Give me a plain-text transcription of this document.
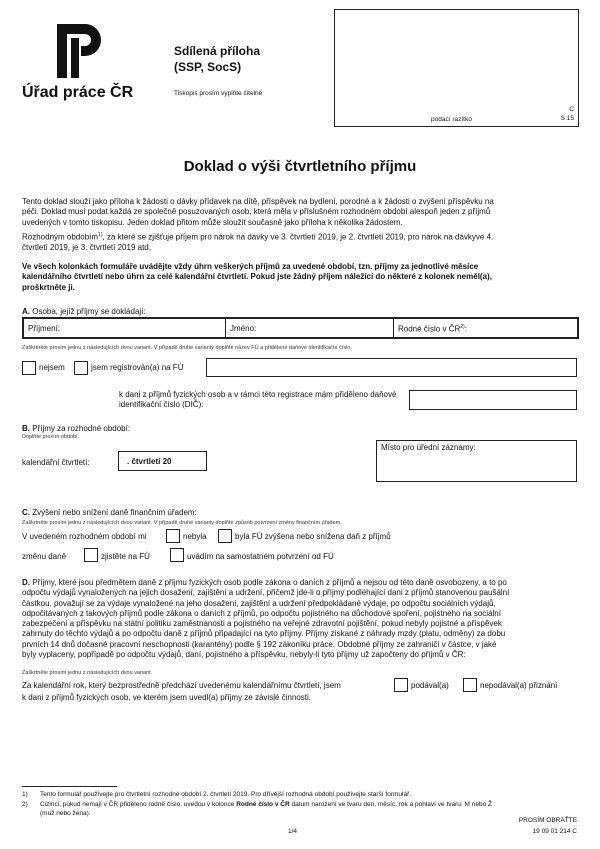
Úřad práce ČR
Sdílená příloha
(SSP, SocS)
Tiskopis prosím vyplňte čitelně
podací razítko
C
S 15
Doklad o výši čtvrtletního příjmu
Tento doklad slouží jako příloha k žádosti o dávky přídavek na dítě, příspěvek na bydlení, porodné a k žádosti o zvýšení příspěvku na
péči. Doklad musí podat každá ze společně posuzovaných osob, která měla v příslušném rozhodném období alespoň jeden z příjmů
uvedených v tomto tiskopisu. Jeden doklad přitom může sloužit současně jako příloha k několika žádostem.
Rozhodným obdobím$^{1)}$, za které se zjišťuje příjem pro nárok na dávky ve 3. čtvrtletí 2019, je 2. čtvrtletí 2019, pro nárok na dávkyve 4.
čtvrtletí 2019, je 3. čtvrtletí 2019 atd.
Ve všech kolonkách formuláře uvádějte vždy úhrn veškerých příjmů za uvedené období, tzn. příjmy za jednotlivé měsíce
kalendářního čtvrtletí nebo úhrn za celé kalendářní čtvrtletí. Pokud jste žádný příjem náležící do některé z kolonek neměl(a),
proškrtněte ji.
A. Osoba, jejíž příjmy se dokládají:
Příjmení:	Jméno:	Rodné číslo v ČR$^{2)}$:
Zaškrtněte prosím jednu z následujících dvou variant. V případě druhé varianty doplňte název FÚ a přidělené daňové identifikační číslo.
nejsem	jsem registrován(a) na FÚ
k dani z příjmů fyzických osob a v rámci této registrace mám přiděleno daňové
identifikační číslo (DIČ):
B. Příjmy za rozhodné období:
Doplňte prosím období.
kalendářní čtvrtletí:	. čtvrtletí 20
Místo pro úřední záznamy:
C. Zvýšení nebo snížení daně finančním úřadem:
Zaškrtněte prosím jednu z následujících dvou variant. V případě druhé varianty doplňte způsob potvrzení změny finančním úřadem.
V uvedeném rozhodném období mi	nebyla	byla FÚ zvýšena nebo snížena daň z příjmů
změnu daně	zjistěte na FÚ	uvádím na samostatném potvrzení od FÚ
D. Příjmy, které jsou předmětem daně z příjmu fyzických osob podle zákona o daních z příjmů a nejsou od této daně osvobozeny, a to po
odpočtu výdajů vynaložených na jejich dosažení, zajištění a udržení, přičemž jde-li o příjmy podléhající dani z příjmů stanovenou paušální
částkou, považují se za výdaje vynaložené na jeho dosažení, zajištění a udržení předpokládané výdaje, po odpočtu sociálních výdajů,
odpočitávaných z takových příjmů podle zákona o daních z příjmů, po odpočtu pojistného na důchodové spoření, pojistného na sociální
zabezpečení a příspěvku na státní politiku zaměstnanosti a pojistného na veřejné zdravotní pojištění, pokud nebyly pojistné a příspěvek
zahrnuty do těchto výdajů a po odpočtu daně z příjmů připadající na tyto příjmy. Příjmy získané z náhrady mzdy (platu, odměny) za dobu
prvních 14 dnů dočasné pracovní neschopnosti (karantény) podle § 192 zákoníku práce. Obdobné příjmy ze zahraničí v částce, v jaké
byly vyplaceny, popřípadě po odpočtu výdajů, daní, pojistného a příspěvku, nebyly-li tyto příjmy už započteny do příjmů v ČR:
Zaškrtněte prosím jednu z následujících dvou variant.
Za kalendářní rok, který bezprostředně předchází uvedenému kalendářnímu čtvrtletí, jsem	podával(a)	nepodával(a) přiznání
k dani z příjmů fyzických osob, ve kterém jsem uvedl(a) příjmy ze závislé činnosti.
1) Tento formulář používejte pro čtvrtletní rozhodné období 2. čtvrtletí 2019. Pro dřívější rozhodná období používejte starší formulář.
2) Cizinci, pokud nemají v ČR přiděleno rodné číslo, uvedou v kolonce Rodné číslo v ČR datum narození ve tvaru den, měsíc, rok a pohlaví ve tvaru: M nebo Ž
(muž nebo žena).
PROSÍM OBRAŤTE
1/4	19 09 01 214 C
